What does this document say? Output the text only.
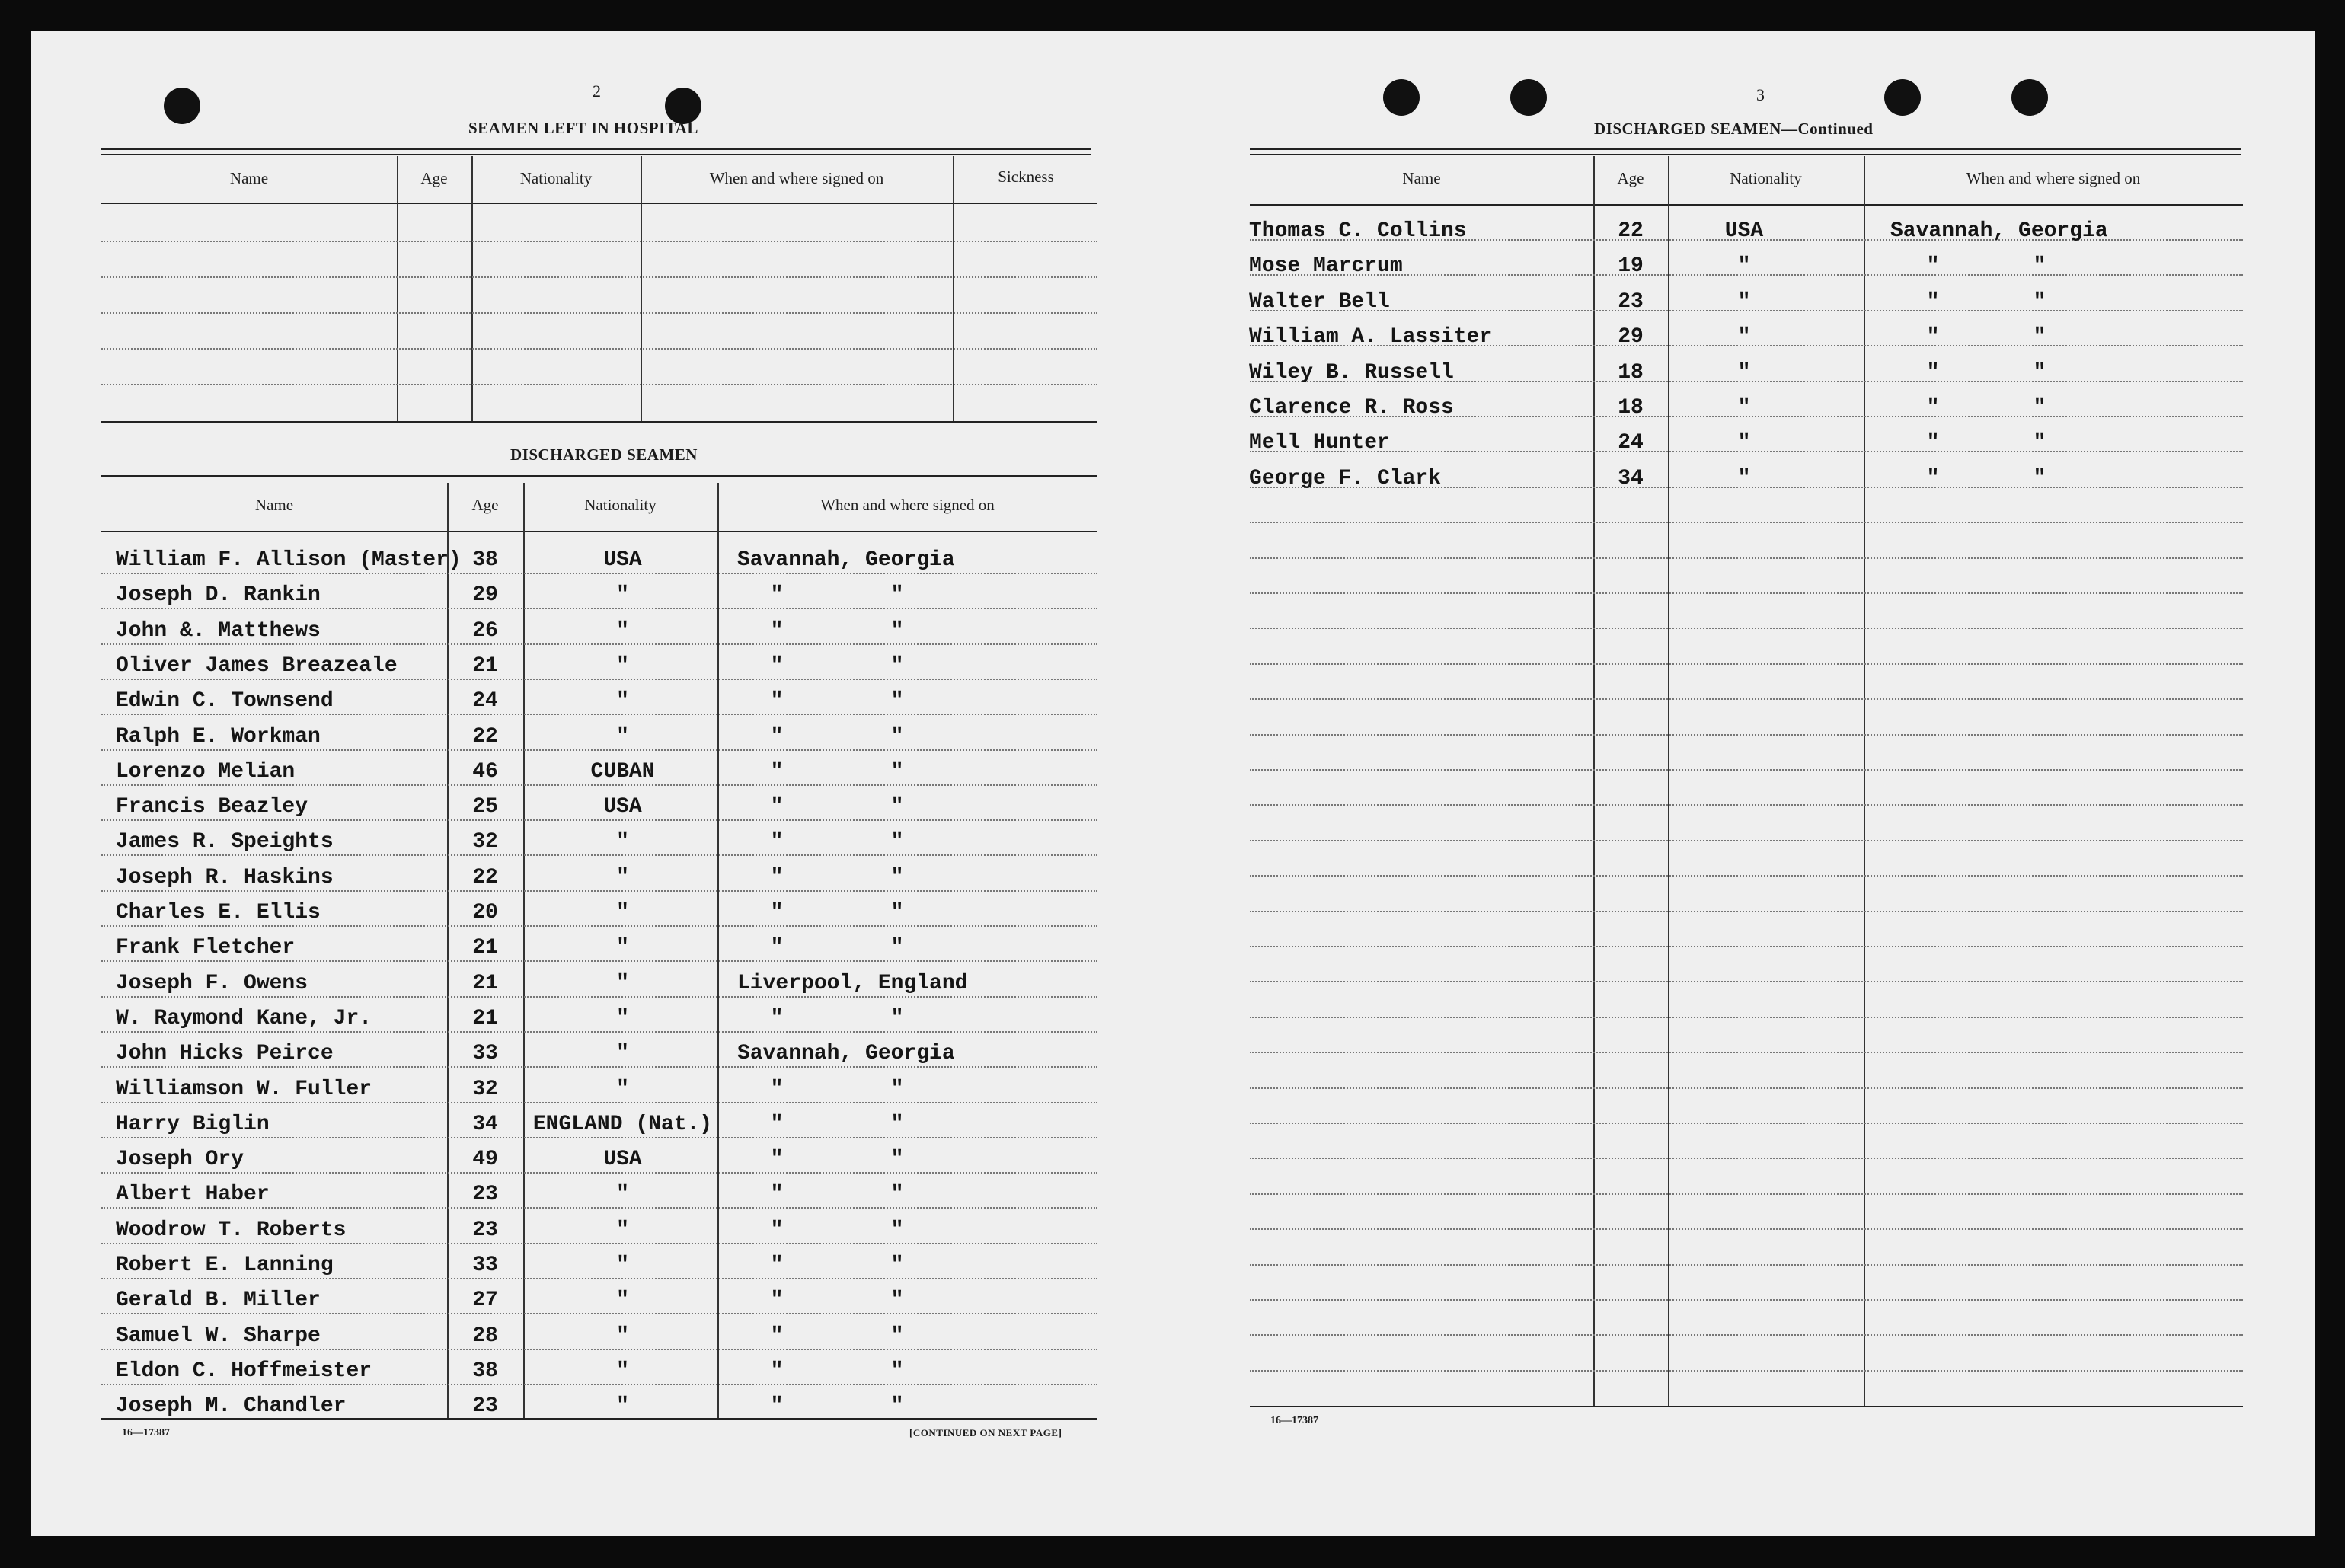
2

SEAMEN LEFT IN HOSPITAL

Name	Age	Nationality	When and where signed on	Sickness

DISCHARGED SEAMEN

Name	Age	Nationality	When and where signed on

William F. Allison (Master) 38	USA	Savannah, Georgia
Joseph D. Rankin	29	"	"	"
John &. Matthews	26	"	"	"
Oliver James Breazeale	21	"	"	"
Edwin C. Townsend	24	"	"	"
Ralph E. Workman	22	"	"	"
Lorenzo Melian	46	CUBAN	"	"
Francis Beazley	25	USA	"	"
James R. Speights	32	"	"	"
Joseph R. Haskins	22	"	"	"
Charles E. Ellis	20	"	"	"
Frank Fletcher	21	"	"	"
Joseph F. Owens	21	"	Liverpool, England
W. Raymond Kane, Jr.	21	"	"	"
John Hicks Peirce	33	"	Savannah, Georgia
Williamson W. Fuller	32	"	"	"
Harry Biglin	34	ENGLAND (Nat.)	"	"
Joseph Ory	49	USA	"	"
Albert Haber	23	"	"	"
Woodrow T. Roberts	23	"	"	"
Robert E. Lanning	33	"	"	"
Gerald B. Miller	27	"	"	"
Samuel W. Sharpe	28	"	"	"
Eldon C. Hoffmeister	38	"	"	"
Joseph M. Chandler	23	"	"	"

16—17387	[CONTINUED ON NEXT PAGE]

3

DISCHARGED SEAMEN—Continued

Name	Age	Nationality	When and where signed on

Thomas C. Collins	22	USA	Savannah, Georgia
Mose Marcrum	19	"	"	"
Walter Bell	23	"	"	"
William A. Lassiter	29	"	"	"
Wiley B. Russell	18	"	"	"
Clarence R. Ross	18	"	"	"
Mell Hunter	24	"	"	"
George F. Clark	34	"	"	"

16—17387
